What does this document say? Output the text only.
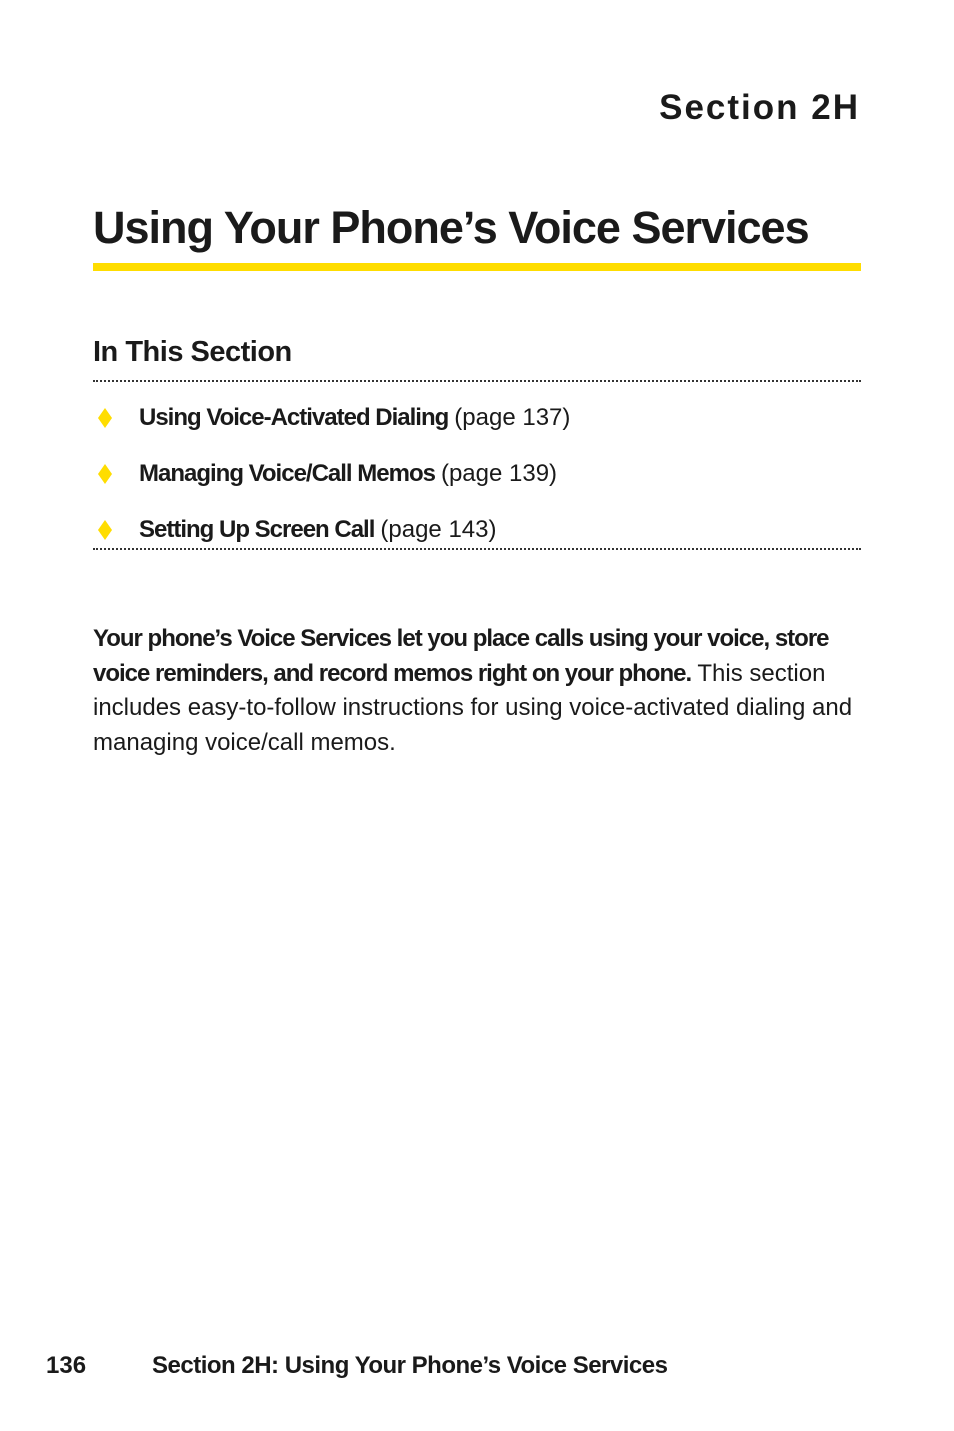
Section 2H
Using Your Phone’s Voice Services
In This Section
Using Voice-Activated Dialing (page 137)
Managing Voice/Call Memos (page 139)
Setting Up Screen Call (page 143)

Your phone’s Voice Services let you place calls using your voice, store voice reminders, and record memos right on your phone. This section includes easy-to-follow instructions for using voice-activated dialing and managing voice/call memos.

136	Section 2H: Using Your Phone’s Voice Services
